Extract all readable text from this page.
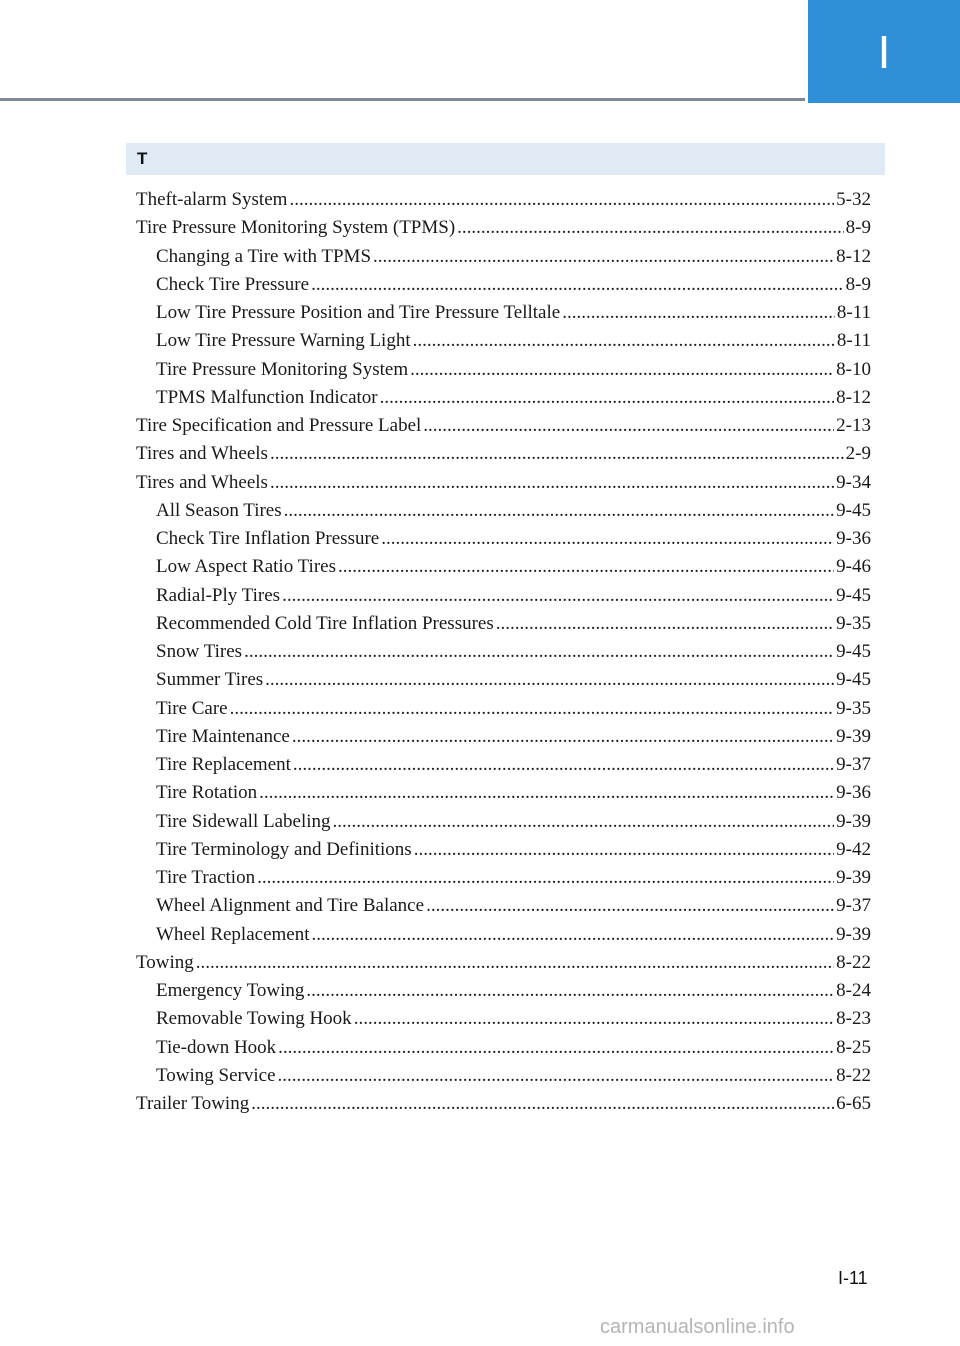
I
T
Theft-alarm System .....	5-32
Tire Pressure Monitoring System (TPMS) .....	8-9
Changing a Tire with TPMS .....	8-12
Check Tire Pressure .....	8-9
Low Tire Pressure Position and Tire Pressure Telltale .....	8-11
Low Tire Pressure Warning Light .....	8-11
Tire Pressure Monitoring System .....	8-10
TPMS Malfunction Indicator .....	8-12
Tire Specification and Pressure Label .....	2-13
Tires and Wheels .....	2-9
Tires and Wheels .....	9-34
All Season Tires .....	9-45
Check Tire Inflation Pressure .....	9-36
Low Aspect Ratio Tires .....	9-46
Radial-Ply Tires .....	9-45
Recommended Cold Tire Inflation Pressures .....	9-35
Snow Tires .....	9-45
Summer Tires .....	9-45
Tire Care .....	9-35
Tire Maintenance .....	9-39
Tire Replacement .....	9-37
Tire Rotation .....	9-36
Tire Sidewall Labeling .....	9-39
Tire Terminology and Definitions .....	9-42
Tire Traction .....	9-39
Wheel Alignment and Tire Balance .....	9-37
Wheel Replacement .....	9-39
Towing .....	8-22
Emergency Towing .....	8-24
Removable Towing Hook .....	8-23
Tie-down Hook .....	8-25
Towing Service .....	8-22
Trailer Towing .....	6-65
I-11
carmanualsonline.info
